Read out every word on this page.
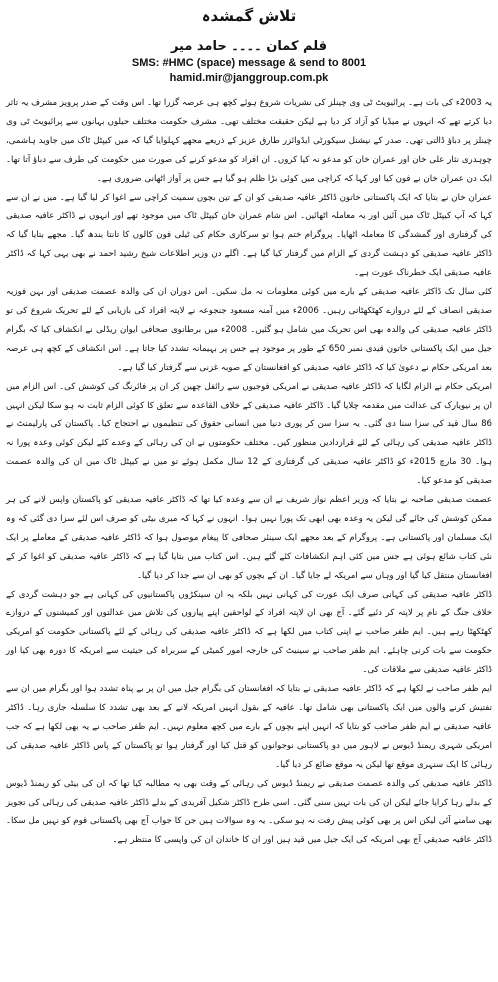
تلاش گمشدہ
قلم کمان ۔۔۔۔ حامد میر
SMS: #HMC (space) message & send to 8001
hamid.mir@janggroup.com.pk

یہ 2003ء کی بات ہے۔ پرائیویٹ ٹی وی چینلز کی نشریات شروع ہوئے کچھ ہی عرصہ گزرا تھا۔ اس وقت کے صدر پرویز مشرف یہ تاثر دیا کرتے تھے کہ انہوں نے میڈیا کو آزاد کر دیا ہے لیکن حقیقت مختلف تھی۔ مشرف حکومت مختلف حیلوں بہانوں سے پرائیویٹ ٹی وی چینلز پر دباؤ ڈالتی تھی۔ صدر کے نیشنل سیکورٹی ایڈوائزر طارق عزیز کے ذریعے مجھے کہلوایا گیا کہ میں کیپٹل ٹاک میں جاوید ہاشمی، چوہدری نثار علی خان اور عمران خان کو مدعو نہ کیا کروں۔ ان افراد کو مدعو کرنے کی صورت میں حکومت کی طرف سے دباؤ آتا تھا۔ ایک دن عمران خان نے فون کیا اور کہا کہ کراچی میں کوئی بڑا ظلم ہو گیا ہے جس پر آواز اٹھانی ضروری ہے۔

عمران خان نے بتایا کہ ایک پاکستانی خاتون ڈاکٹر عافیہ صدیقی کو ان کے تین بچوں سمیت کراچی سے اغوا کر لیا گیا ہے۔ میں نے ان سے کہا کہ آپ کیپٹل ٹاک میں آئیں اور یہ معاملہ اٹھائیں۔ اس شام عمران خان کیپٹل ٹاک میں موجود تھے اور انہوں نے ڈاکٹر عافیہ صدیقی کی گرفتاری اور گمشدگی کا معاملہ اٹھایا۔ پروگرام ختم ہوا تو سرکاری حکام کی ٹیلی فون کالوں کا تانتا بندھ گیا۔ مجھے بتایا گیا کہ ڈاکٹر عافیہ صدیقی کو دہشت گردی کے الزام میں گرفتار کیا گیا ہے۔ اگلے دن وزیر اطلاعات شیخ رشید احمد نے بھی یہی کہا کہ ڈاکٹر عافیہ صدیقی ایک خطرناک عورت ہے۔

کئی سال تک ڈاکٹر عافیہ صدیقی کے بارے میں کوئی معلومات نہ مل سکیں۔ اس دوران ان کی والدہ عصمت صدیقی اور بہن فوزیہ صدیقی انصاف کے لئے دروازے کھٹکھٹاتی رہیں۔ 2006ء میں آمنہ مسعود جنجوعہ نے لاپتہ افراد کی بازیابی کے لئے تحریک شروع کی تو ڈاکٹر عافیہ صدیقی کی والدہ بھی اس تحریک میں شامل ہو گئیں۔ 2008ء میں برطانوی صحافی ایوان ریڈلی نے انکشاف کیا کہ بگرام جیل میں ایک پاکستانی خاتون قیدی نمبر 650 کے طور پر موجود ہے جس پر بہیمانہ تشدد کیا جاتا ہے۔ اس انکشاف کے کچھ ہی عرصہ بعد امریکی حکام نے دعویٰ کیا کہ ڈاکٹر عافیہ صدیقی کو افغانستان کے صوبہ غزنی سے گرفتار کیا گیا ہے۔

امریکی حکام نے الزام لگایا کہ ڈاکٹر عافیہ صدیقی نے امریکی فوجیوں سے رائفل چھین کر ان پر فائرنگ کی کوشش کی۔ اس الزام میں ان پر نیویارک کی عدالت میں مقدمہ چلایا گیا۔ ڈاکٹر عافیہ صدیقی کے خلاف القاعدہ سے تعلق کا کوئی الزام ثابت نہ ہو سکا لیکن انہیں 86 سال قید کی سزا سنا دی گئی۔ یہ سزا سن کر پوری دنیا میں انسانی حقوق کی تنظیموں نے احتجاج کیا۔ پاکستان کی پارلیمنٹ نے ڈاکٹر عافیہ صدیقی کی رہائی کے لئے قراردادیں منظور کیں۔ مختلف حکومتوں نے ان کی رہائی کے وعدے کئے لیکن کوئی وعدہ پورا نہ ہوا۔ 30 مارچ 2015ء کو ڈاکٹر عافیہ صدیقی کی گرفتاری کے 12 سال مکمل ہوئے تو میں نے کیپٹل ٹاک میں ان کی والدہ عصمت صدیقی کو مدعو کیا۔

عصمت صدیقی صاحبہ نے بتایا کہ وزیر اعظم نواز شریف نے ان سے وعدہ کیا تھا کہ ڈاکٹر عافیہ صدیقی کو پاکستان واپس لانے کی ہر ممکن کوشش کی جائے گی لیکن یہ وعدہ بھی ابھی تک پورا نہیں ہوا۔ انہوں نے کہا کہ میری بیٹی کو صرف اس لئے سزا دی گئی کہ وہ ایک مسلمان اور پاکستانی ہے۔ پروگرام کے بعد مجھے ایک سینئر صحافی کا پیغام موصول ہوا کہ ڈاکٹر عافیہ صدیقی کے معاملے پر ایک نئی کتاب شائع ہوئی ہے جس میں کئی اہم انکشافات کئے گئے ہیں۔ اس کتاب میں بتایا گیا ہے کہ ڈاکٹر عافیہ صدیقی کو اغوا کر کے افغانستان منتقل کیا گیا اور وہاں سے امریکہ لے جایا گیا۔ ان کے بچوں کو بھی ان سے جدا کر دیا گیا۔

ڈاکٹر عافیہ صدیقی کی کہانی صرف ایک عورت کی کہانی نہیں بلکہ یہ ان سینکڑوں پاکستانیوں کی کہانی ہے جو دہشت گردی کے خلاف جنگ کے نام پر لاپتہ کر دئیے گئے۔ آج بھی ان لاپتہ افراد کے لواحقین اپنے پیاروں کی تلاش میں عدالتوں اور کمیشنوں کے دروازے کھٹکھٹا رہے ہیں۔ ایم ظفر صاحب نے اپنی کتاب میں لکھا ہے کہ ڈاکٹر عافیہ صدیقی کی رہائی کے لئے پاکستانی حکومت کو امریکی حکومت سے بات کرنی چاہئے۔ ایم ظفر صاحب نے سینیٹ کی خارجہ امور کمیٹی کے سربراہ کی حیثیت سے امریکہ کا دورہ بھی کیا اور ڈاکٹر عافیہ صدیقی سے ملاقات کی۔

ایم ظفر صاحب نے لکھا ہے کہ ڈاکٹر عافیہ صدیقی نے بتایا کہ افغانستان کی بگرام جیل میں ان پر بے پناہ تشدد ہوا اور بگرام میں ان سے تفتیش کرنے والوں میں ایک پاکستانی بھی شامل تھا۔ عافیہ کے بقول انہیں امریکہ لانے کے بعد بھی تشدد کا سلسلہ جاری رہا۔ ڈاکٹر عافیہ صدیقی نے ایم ظفر صاحب کو بتایا کہ انہیں اپنے بچوں کے بارے میں کچھ معلوم نہیں۔ ایم ظفر صاحب نے یہ بھی لکھا ہے کہ جب امریکی شہری ریمنڈ ڈیوس نے لاہور میں دو پاکستانی نوجوانوں کو قتل کیا اور گرفتار ہوا تو پاکستان کے پاس ڈاکٹر عافیہ صدیقی کی رہائی کا ایک سنہری موقع تھا لیکن یہ موقع ضائع کر دیا گیا۔

ڈاکٹر عافیہ صدیقی کی والدہ عصمت صدیقی نے ریمنڈ ڈیوس کی رہائی کے وقت بھی یہ مطالبہ کیا تھا کہ ان کی بیٹی کو ریمنڈ ڈیوس کے بدلے رہا کرایا جائے لیکن ان کی بات نہیں سنی گئی۔ اسی طرح ڈاکٹر شکیل آفریدی کے بدلے ڈاکٹر عافیہ صدیقی کی رہائی کی تجویز بھی سامنے آئی لیکن اس پر بھی کوئی پیش رفت نہ ہو سکی۔ یہ وہ سوالات ہیں جن کا جواب آج بھی پاکستانی قوم کو نہیں مل سکا۔ ڈاکٹر عافیہ صدیقی آج بھی امریکہ کی ایک جیل میں قید ہیں اور ان کا خاندان ان کی واپسی کا منتظر ہے۔
